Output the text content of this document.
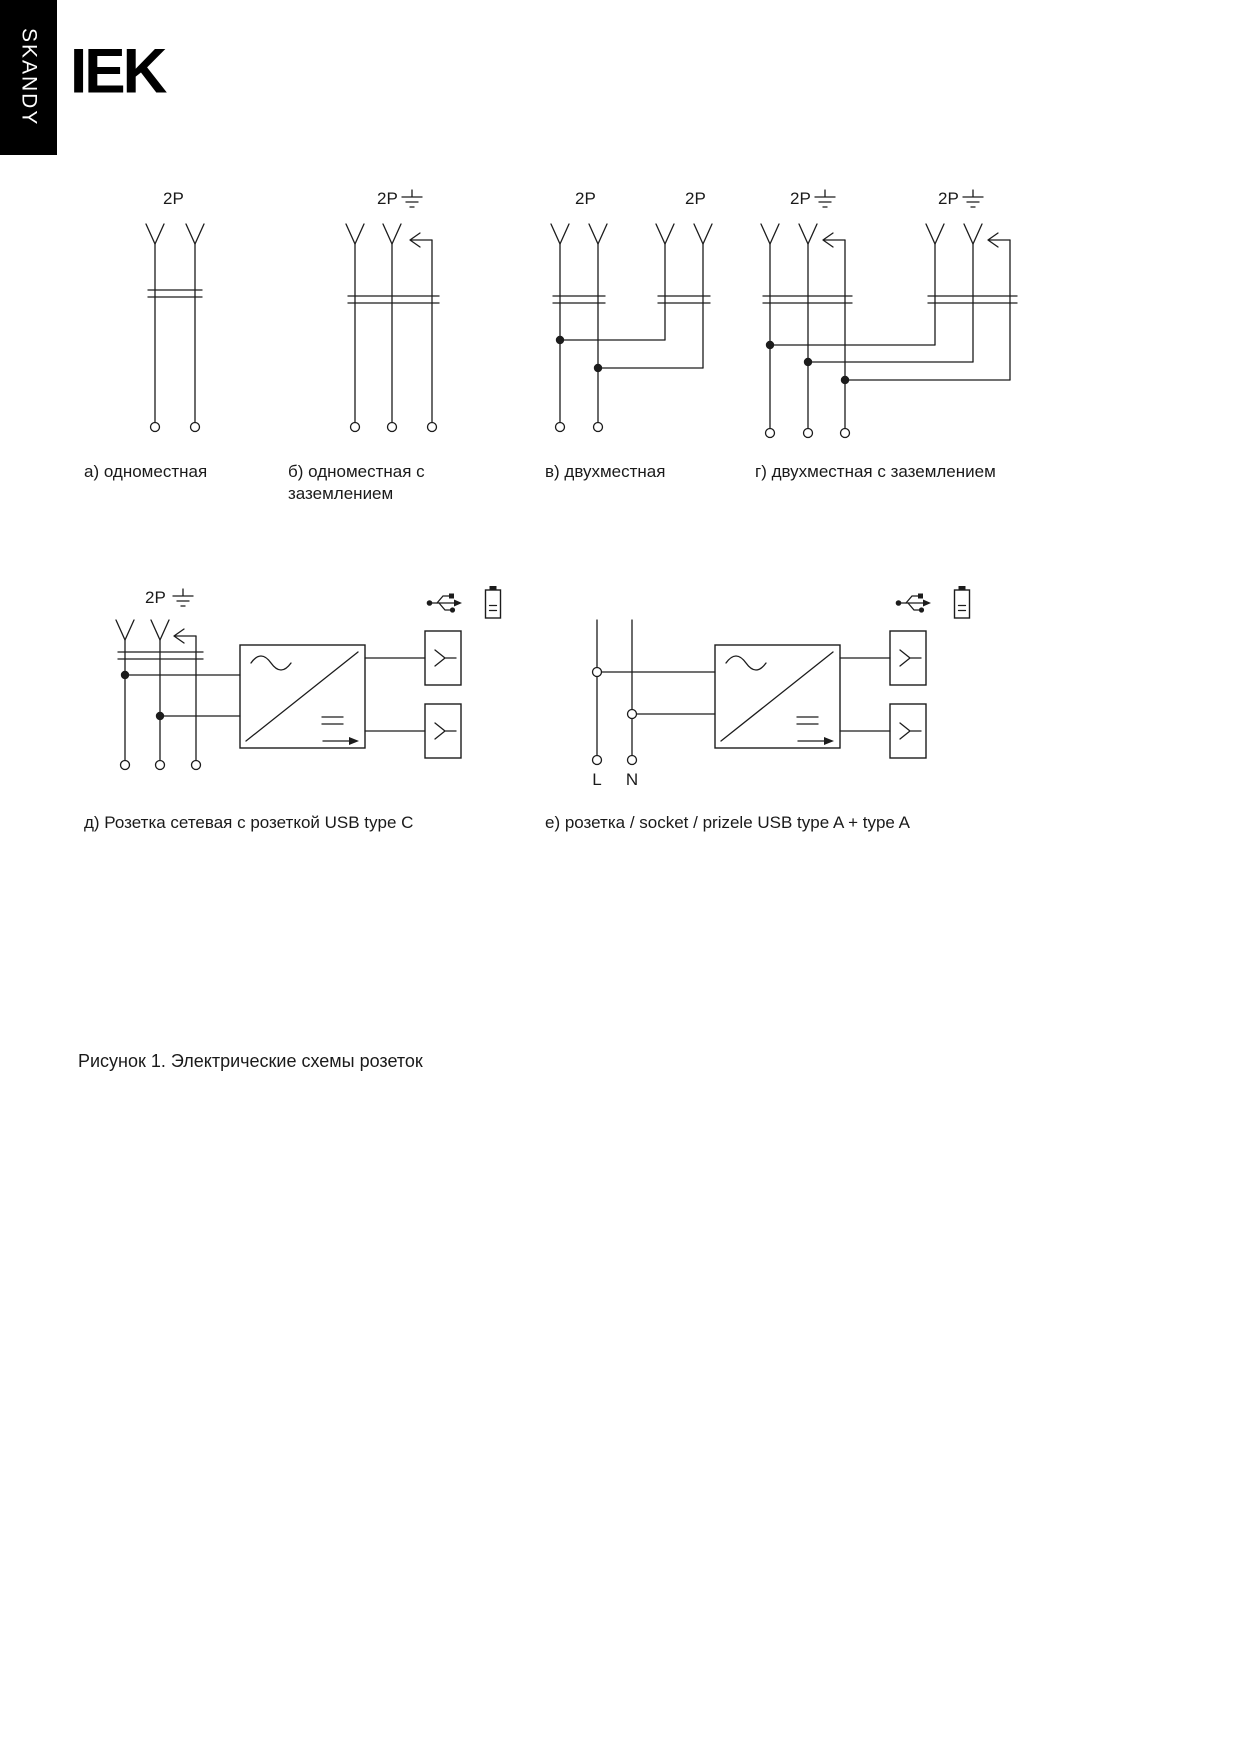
SKANDY IEK
2P
а) одноместная
2P
б) одноместная с заземлением
2P	2P
в) двухместная
2P	2P
г) двухместная с заземлением
2P
д) Розетка сетевая с розеткой USB type C
L N
е) розетка / socket / prizele USB type A + type A
Рисунок 1. Электрические схемы розеток
